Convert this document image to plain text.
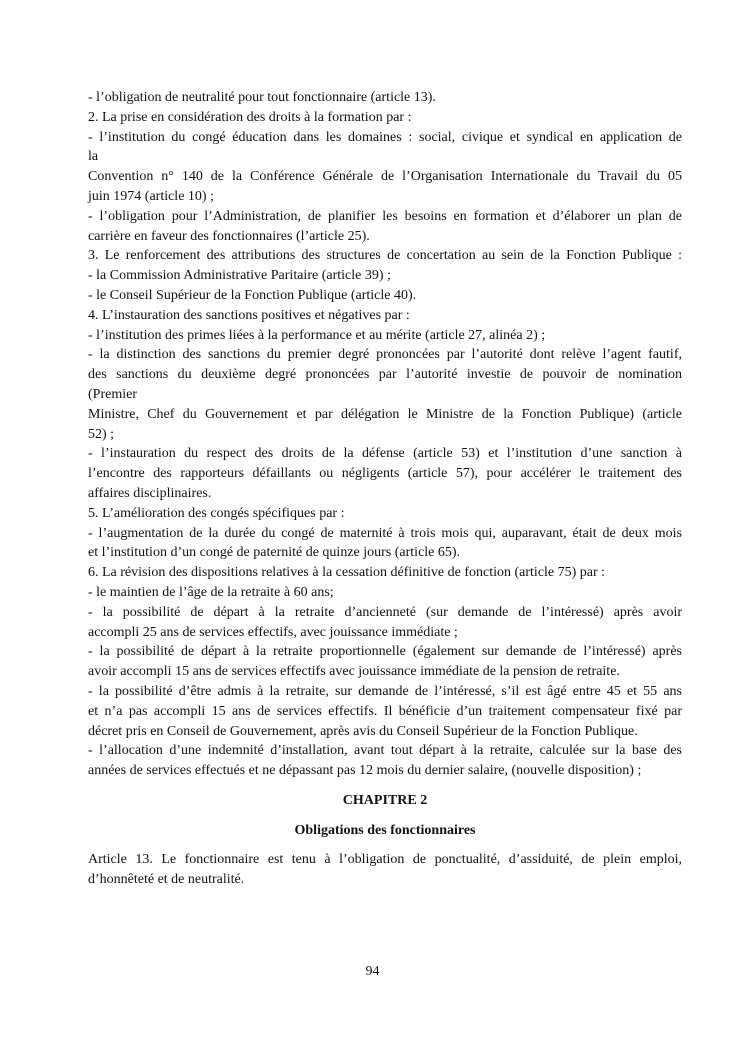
- l’obligation de neutralité pour tout fonctionnaire (article 13).

2. La prise en considération des droits à la formation par :

- l’institution du congé éducation dans les domaines : social, civique et syndical en application de

la

Convention n° 140 de la Conférence Générale de l’Organisation Internationale du Travail du 05

juin 1974 (article 10) ;

- l’obligation pour l’Administration, de planifier les besoins en formation et d’élaborer un plan de

carrière en faveur des fonctionnaires (l’article 25).

3. Le renforcement des attributions des structures de concertation au sein de la Fonction Publique :

- la Commission Administrative Paritaire (article 39) ;

- le Conseil Supérieur de la Fonction Publique (article 40).

4. L’instauration des sanctions positives et négatives par :

- l’institution des primes liées à la performance et au mérite (article 27, alinéa 2) ;

- la distinction des sanctions du premier degré prononcées par l’autorité dont relève l’agent fautif,

des sanctions du deuxième degré prononcées par l’autorité investie de pouvoir de nomination

(Premier

Ministre, Chef du Gouvernement et par délégation le Ministre de la Fonction Publique) (article

52) ;

- l’instauration du respect des droits de la défense (article 53) et l’institution d’une sanction à

l’encontre des rapporteurs défaillants ou négligents (article 57), pour accélérer le traitement des

affaires disciplinaires.

5. L’amélioration des congés spécifiques par :

- l’augmentation de la durée du congé de maternité à trois mois qui, auparavant, était de deux mois

et l’institution d’un congé de paternité de quinze jours (article 65).

6. La révision des dispositions relatives à la cessation définitive de fonction (article 75) par :

- le maintien de l’âge de la retraite à 60 ans;

- la possibilité de départ à la retraite d’ancienneté (sur demande de l’intéressé) après avoir

accompli 25 ans de services effectifs, avec jouissance immédiate ;

- la possibilité de départ à la retraite proportionnelle (également sur demande de l’intéressé) après

avoir accompli 15 ans de services effectifs avec jouissance immédiate de la pension de retraite.

- la possibilité d’être admis à la retraite, sur demande de l’intéressé, s’il est âgé entre 45 et 55 ans

et n’a pas accompli 15 ans de services effectifs. Il bénéficie d’un traitement compensateur fixé par

décret pris en Conseil de Gouvernement, après avis du Conseil Supérieur de la Fonction Publique.

- l’allocation d’une indemnité d’installation, avant tout départ à la retraite, calculée sur la base des

années de services effectués et ne dépassant pas 12 mois du dernier salaire, (nouvelle disposition) ;

CHAPITRE 2
Obligations des fonctionnaires

Article 13. Le fonctionnaire est tenu à l’obligation de ponctualité, d’assiduité, de plein emploi,

d’honnêteté et de neutralité.

94
